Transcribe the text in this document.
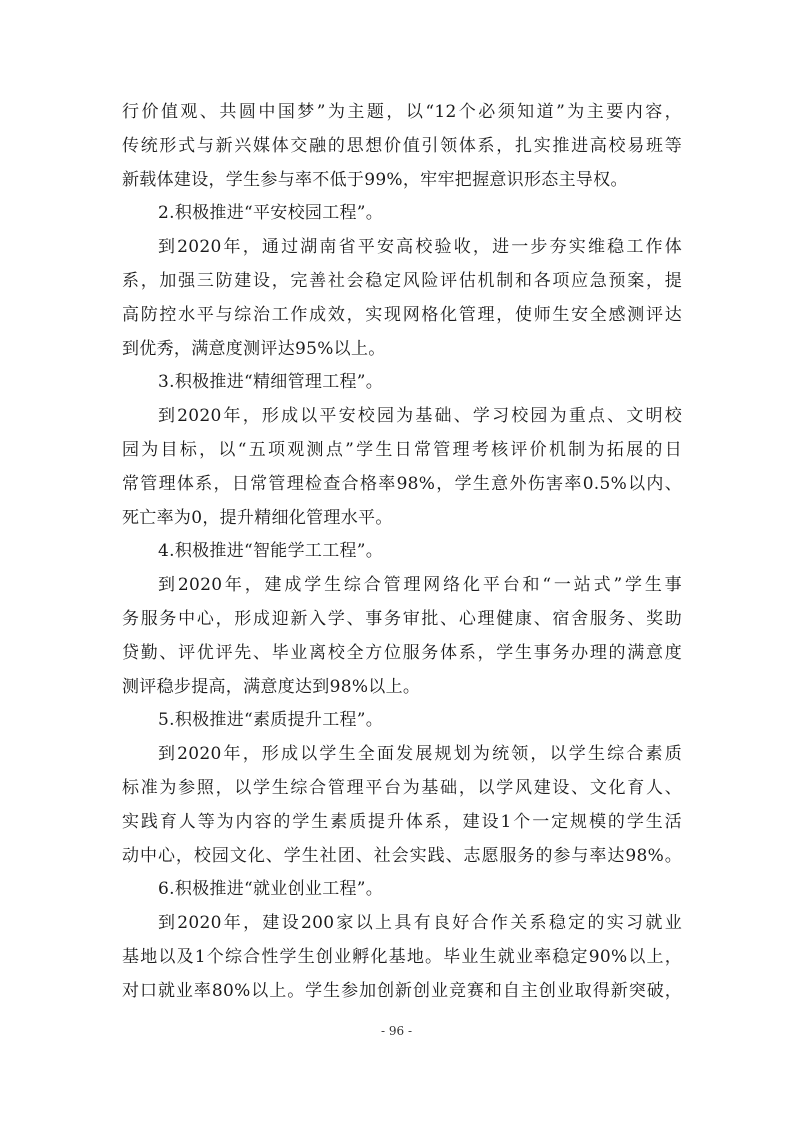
行价值观、共圆中国梦”为主题，以“12个必须知道”为主要内容，
传统形式与新兴媒体交融的思想价值引领体系，扎实推进高校易班等
新载体建设，学生参与率不低于99%，牢牢把握意识形态主导权。
2.积极推进“平安校园工程”。
到2020年，通过湖南省平安高校验收，进一步夯实维稳工作体
系，加强三防建设，完善社会稳定风险评估机制和各项应急预案，提
高防控水平与综治工作成效，实现网格化管理，使师生安全感测评达
到优秀，满意度测评达95%以上。
3.积极推进“精细管理工程”。
到2020年，形成以平安校园为基础、学习校园为重点、文明校
园为目标，以“五项观测点”学生日常管理考核评价机制为拓展的日
常管理体系，日常管理检查合格率98%，学生意外伤害率0.5%以内、
死亡率为0，提升精细化管理水平。
4.积极推进“智能学工工程”。
到2020年，建成学生综合管理网络化平台和“一站式”学生事
务服务中心，形成迎新入学、事务审批、心理健康、宿舍服务、奖助
贷勤、评优评先、毕业离校全方位服务体系，学生事务办理的满意度
测评稳步提高，满意度达到98%以上。
5.积极推进“素质提升工程”。
到2020年，形成以学生全面发展规划为统领，以学生综合素质
标准为参照，以学生综合管理平台为基础，以学风建设、文化育人、
实践育人等为内容的学生素质提升体系，建设1个一定规模的学生活
动中心，校园文化、学生社团、社会实践、志愿服务的参与率达98%。
6.积极推进“就业创业工程”。
到2020年，建设200家以上具有良好合作关系稳定的实习就业
基地以及1个综合性学生创业孵化基地。毕业生就业率稳定90%以上，
对口就业率80%以上。学生参加创新创业竞赛和自主创业取得新突破，
- 96 -
